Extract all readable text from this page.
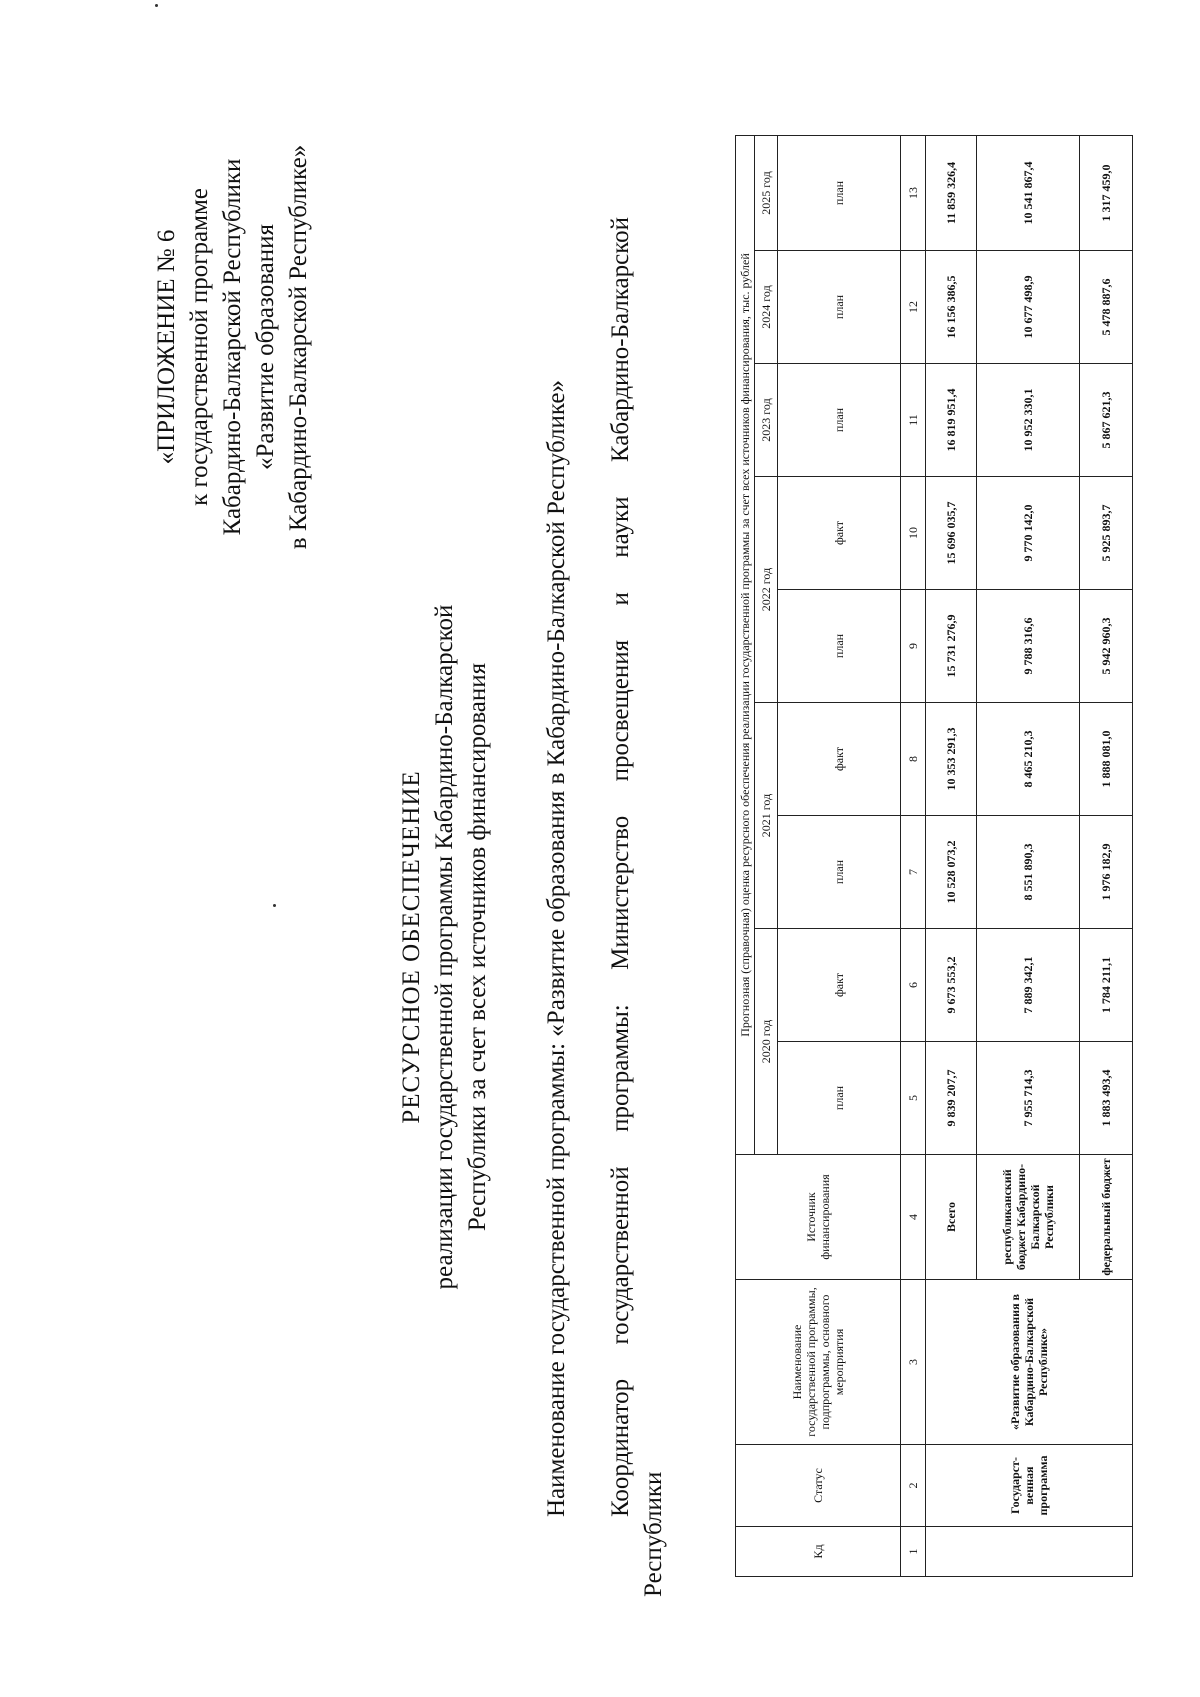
«ПРИЛОЖЕНИЕ № 6 к государственной программе Кабардино-Балкарской Республики «Развитие образования в Кабардино-Балкарской Республике»
РЕСУРСНОЕ ОБЕСПЕЧЕНИЕ реализации государственной программы Кабардино-Балкарской Республики за счет всех источников финансирования Наименование государственной программы: «Развитие образования в Кабардино-Балкарской Республике» Координатор
государственной
программы:
Министерство
просвещения
и
науки
Кабардино-Балкарской
Республики	Кд	Статус	Наименование государственной программы, подпрограммы, основного мероприятия	Источник финансирования	Прогнозная (справочная) оценка ресурсного обеспечения реализации государственной программы за счет всех источников финансирования, тыс. рублей								
				2020 год		2021 год		2022 год		2023 год	2024 год	2025 год
				план	факт	план	факт	план	факт	план	план	план
1	2	3	4	5	6	7	8	9	10	11	12	13
	Государст-венная программа	«Развитие образования в Кабардино-Балкарской Республике»	Всего	9 839 207,7	9 673 553,2	10 528 073,2	10 353 291,3	15 731 276,9	15 696 035,7	16 819 951,4	16 156 386,5	11 859 326,4
			республиканский бюджет Кабардино-Балкарской Республики	7 955 714,3	7 889 342,1	8 551 890,3	8 465 210,3	9 788 316,6	9 770 142,0	10 952 330,1	10 677 498,9	10 541 867,4
			федеральный бюджет	1 883 493,4	1 784 211,1	1 976 182,9	1 888 081,0	5 942 960,3	5 925 893,7	5 867 621,3	5 478 887,6	1 317 459,0
